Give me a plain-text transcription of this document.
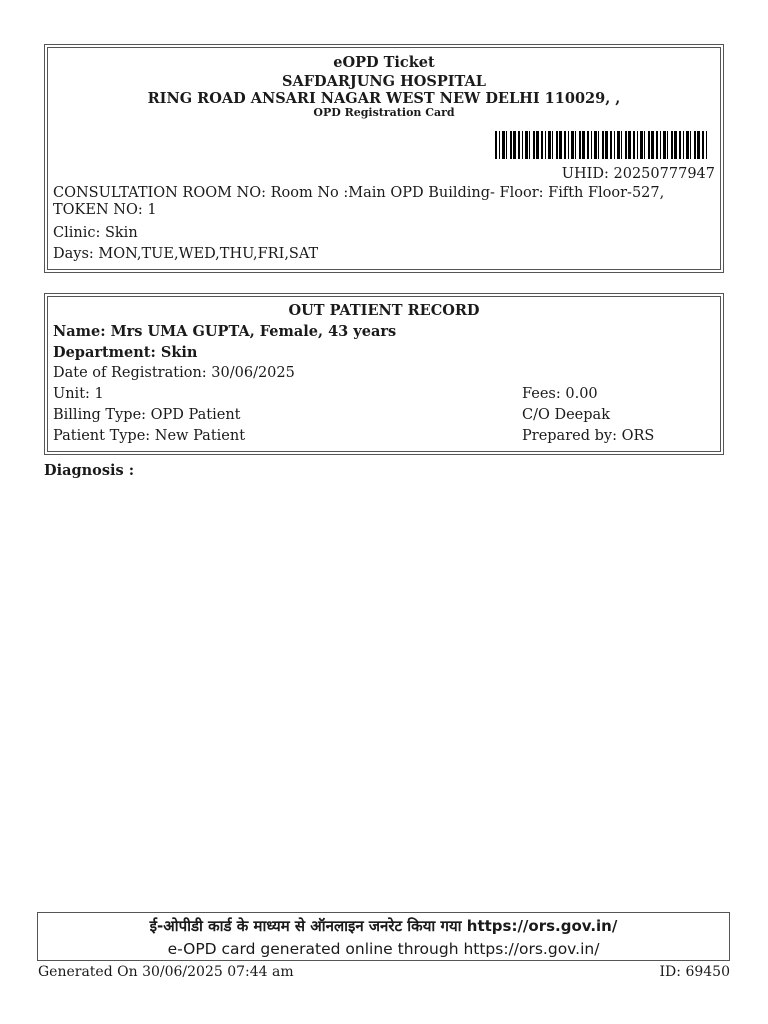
eOPD Ticket
SAFDARJUNG HOSPITAL
RING ROAD ANSARI NAGAR WEST NEW DELHI 110029, ,
OPD Registration Card
UHID: 20250777947
CONSULTATION ROOM NO: Room No :Main OPD Building- Floor: Fifth Floor-527, TOKEN NO: 1
Clinic: Skin
Days: MON,TUE,WED,THU,FRI,SAT
OUT PATIENT RECORD
Name: Mrs UMA GUPTA, Female, 43 years
Department: Skin
Date of Registration: 30/06/2025
Unit: 1	Fees: 0.00
Billing Type: OPD Patient	C/O Deepak
Patient Type: New Patient	Prepared by: ORS
Diagnosis :
ई-ओपीडी कार्ड के माध्यम से ऑनलाइन जनरेट किया गया https://ors.gov.in/
e-OPD card generated online through https://ors.gov.in/
Generated On 30/06/2025 07:44 am	ID: 69450
